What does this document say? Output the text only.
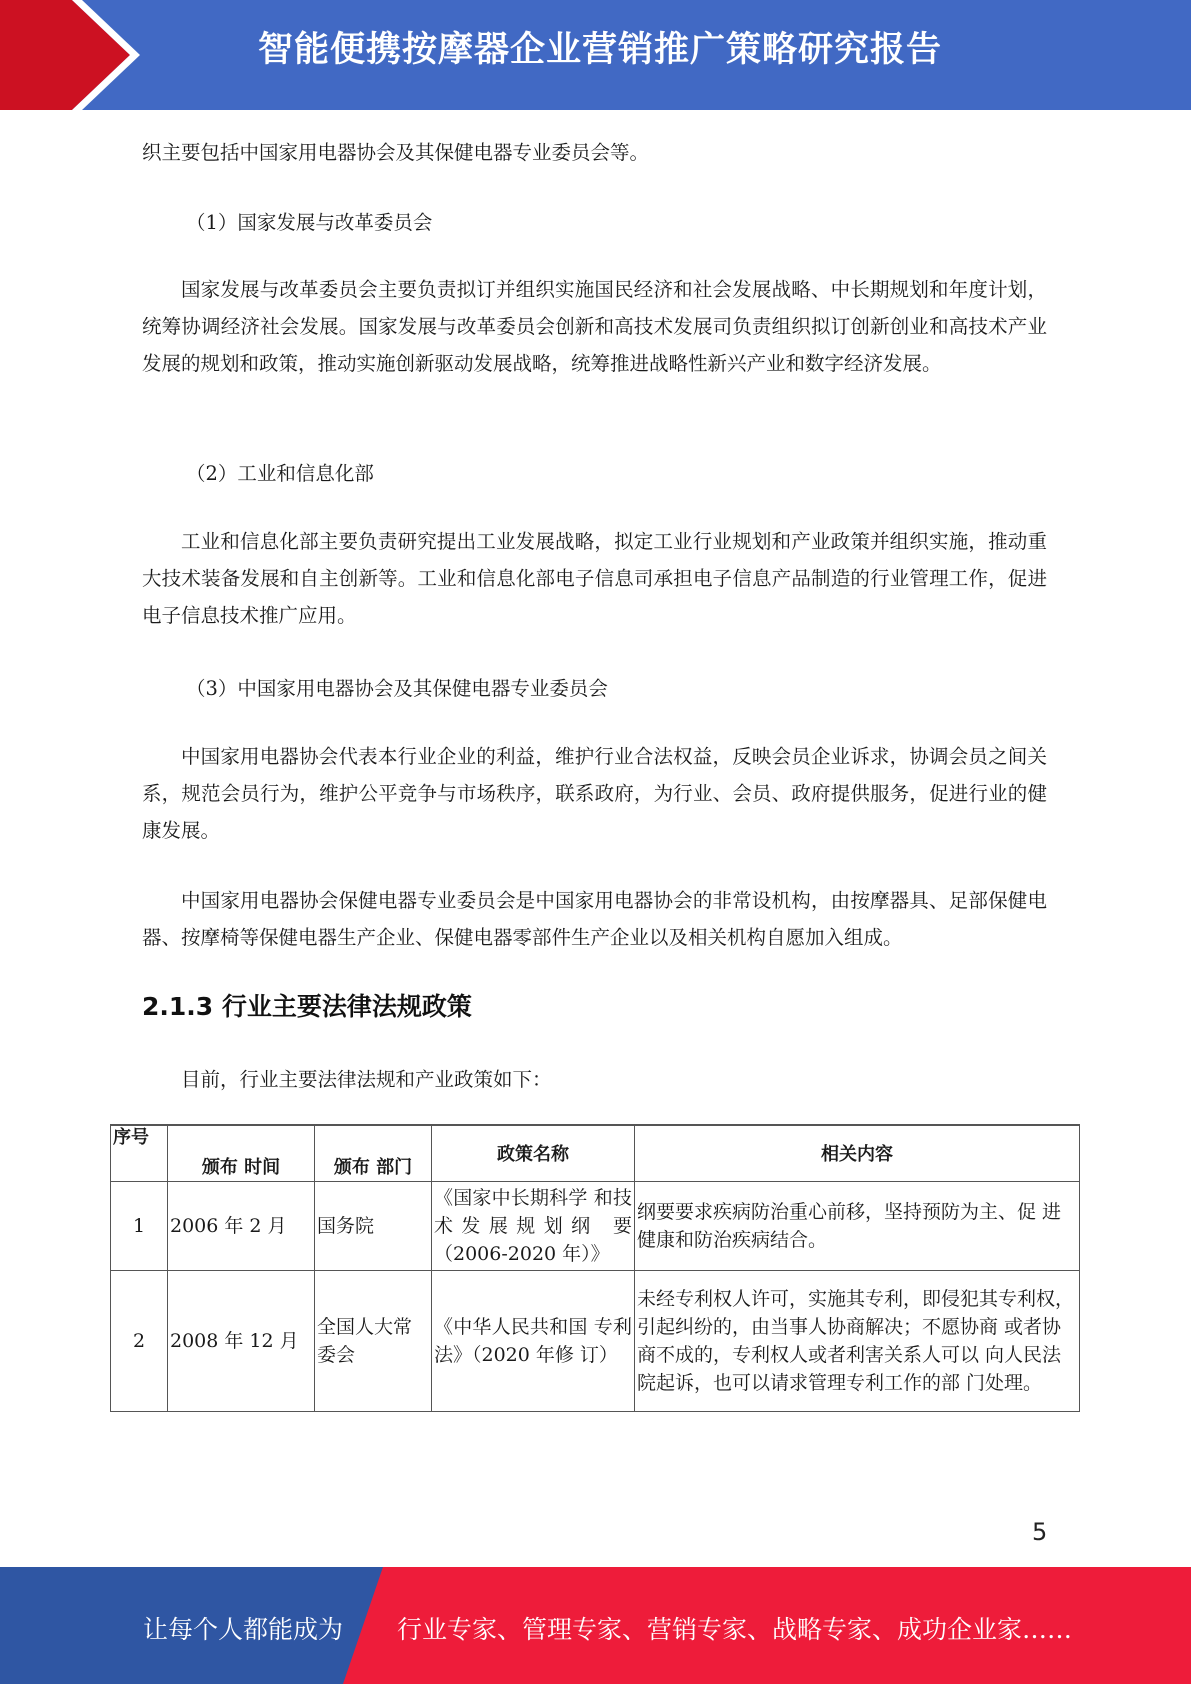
智能便携按摩器企业营销推广策略研究报告
织主要包括中国家用电器协会及其保健电器专业委员会等。
（1）国家发展与改革委员会
国家发展与改革委员会主要负责拟订并组织实施国民经济和社会发展战略、中长期规划和年度计划，统筹协调经济社会发展。国家发展与改革委员会创新和高技术发展司负责组织拟订创新创业和高技术产业发展的规划和政策，推动实施创新驱动发展战略，统筹推进战略性新兴产业和数字经济发展。
（2）工业和信息化部
工业和信息化部主要负责研究提出工业发展战略，拟定工业行业规划和产业政策并组织实施，推动重大技术装备发展和自主创新等。工业和信息化部电子信息司承担电子信息产品制造的行业管理工作，促进电子信息技术推广应用。
（3）中国家用电器协会及其保健电器专业委员会
中国家用电器协会代表本行业企业的利益，维护行业合法权益，反映会员企业诉求，协调会员之间关系，规范会员行为，维护公平竞争与市场秩序，联系政府，为行业、会员、政府提供服务，促进行业的健康发展。
中国家用电器协会保健电器专业委员会是中国家用电器协会的非常设机构，由按摩器具、足部保健电器、按摩椅等保健电器生产企业、保健电器零部件生产企业以及相关机构自愿加入组成。
2.1.3 行业主要法律法规政策
目前，行业主要法律法规和产业政策如下：
序号	颁布 时间	颁布 部门	政策名称	相关内容
1	2006 年 2 月	国务院	《国家中长期科学 和技术发展规划纲 要（2006-2020 年）》	纲要要求疾病防治重心前移，坚持预防为主、促 进健康和防治疾病结合。
2	2008 年 12 月	全国人大常委会	《中华人民共和国 专利法》（2020 年修 订）	未经专利权人许可，实施其专利，即侵犯其专利权，引起纠纷的，由当事人协商解决；不愿协商 或者协商不成的，专利权人或者利害关系人可以 向人民法院起诉，也可以请求管理专利工作的部 门处理。
5
让每个人都能成为 行业专家、管理专家、营销专家、战略专家、成功企业家……
